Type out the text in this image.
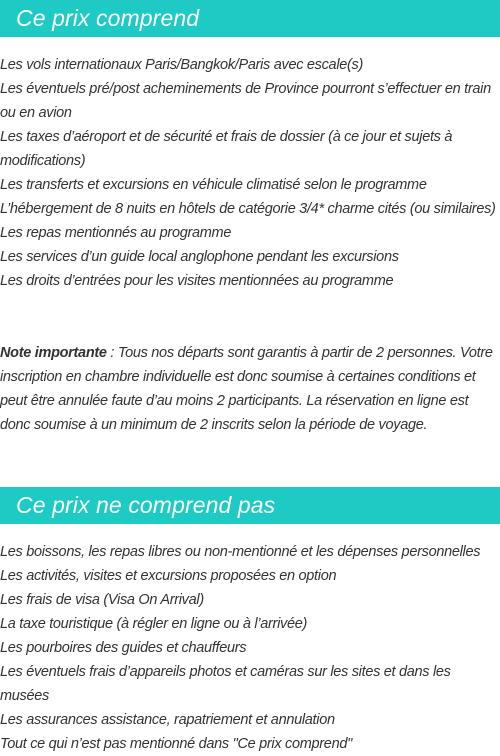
Ce prix comprend
Les vols internationaux Paris/Bangkok/Paris avec escale(s)
Les éventuels pré/post acheminements de Province pourront s’effectuer en train ou en avion
Les taxes d’aéroport et de sécurité et frais de dossier (à ce jour et sujets à modifications)
Les transferts et excursions en véhicule climatisé selon le programme
L’hébergement de 8 nuits en hôtels de catégorie 3/4* charme cités (ou similaires)
Les repas mentionnés au programme
Les services d’un guide local anglophone pendant les excursions
Les droits d’entrées pour les visites mentionnées au programme

Note importante : Tous nos départs sont garantis à partir de 2 personnes. Votre inscription en chambre individuelle est donc soumise à certaines conditions et peut être annulée faute d’au moins 2 participants. La réservation en ligne est donc soumise à un minimum de 2 inscrits selon la période de voyage.

Ce prix ne comprend pas
Les boissons, les repas libres ou non-mentionné et les dépenses personnelles
Les activités, visites et excursions proposées en option
Les frais de visa (Visa On Arrival)
La taxe touristique (à régler en ligne ou à l’arrivée)
Les pourboires des guides et chauffeurs
Les éventuels frais d’appareils photos et caméras sur les sites et dans les musées
Les assurances assistance, rapatriement et annulation
Tout ce qui n’est pas mentionné dans "Ce prix comprend"
